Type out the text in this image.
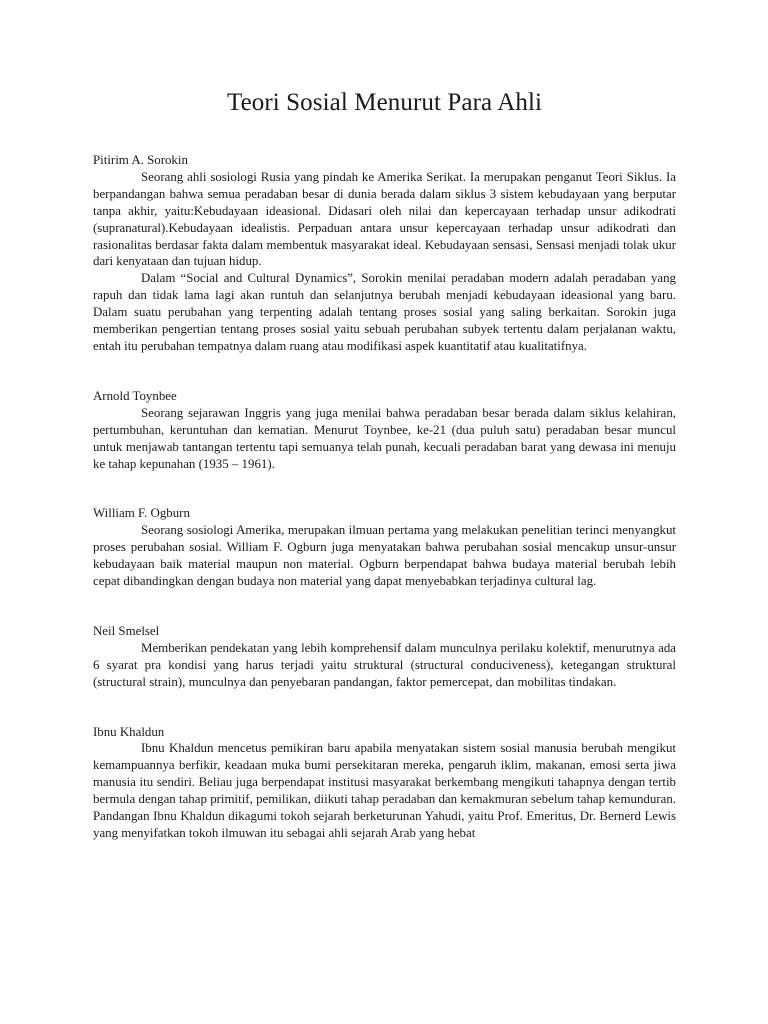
Teori Sosial Menurut Para Ahli

Pitirim A. Sorokin

Seorang ahli sosiologi Rusia yang pindah ke Amerika Serikat. Ia merupakan penganut Teori Siklus. Ia berpandangan bahwa semua peradaban besar di dunia berada dalam siklus 3 sistem kebudayaan yang berputar tanpa akhir, yaitu:Kebudayaan ideasional. Didasari oleh nilai dan kepercayaan terhadap unsur adikodrati (supranatural).Kebudayaan idealistis. Perpaduan antara unsur kepercayaan terhadap unsur adikodrati dan rasionalitas berdasar fakta dalam membentuk masyarakat ideal. Kebudayaan sensasi, Sensasi menjadi tolak ukur dari kenyataan dan tujuan hidup.

Dalam “Social and Cultural Dynamics”, Sorokin menilai peradaban modern adalah peradaban yang rapuh dan tidak lama lagi akan runtuh dan selanjutnya berubah menjadi kebudayaan ideasional yang baru. Dalam suatu perubahan yang terpenting adalah tentang proses sosial yang saling berkaitan. Sorokin juga memberikan pengertian tentang proses sosial yaitu sebuah perubahan subyek tertentu dalam perjalanan waktu, entah itu perubahan tempatnya dalam ruang atau modifikasi aspek kuantitatif atau kualitatifnya.

Arnold Toynbee

Seorang sejarawan Inggris yang juga menilai bahwa peradaban besar berada dalam siklus kelahiran, pertumbuhan, keruntuhan dan kematian. Menurut Toynbee, ke-21 (dua puluh satu) peradaban besar muncul untuk menjawab tantangan tertentu tapi semuanya telah punah, kecuali peradaban barat yang dewasa ini menuju ke tahap kepunahan (1935 – 1961).

William F. Ogburn

Seorang sosiologi Amerika, merupakan ilmuan pertama yang melakukan penelitian terinci menyangkut proses perubahan sosial. William F. Ogburn juga menyatakan bahwa perubahan sosial mencakup unsur-unsur kebudayaan baik material maupun non material. Ogburn berpendapat bahwa budaya material berubah lebih cepat dibandingkan dengan budaya non material yang dapat menyebabkan terjadinya cultural lag.

Neil Smelsel

Memberikan pendekatan yang lebih komprehensif dalam munculnya perilaku kolektif, menurutnya ada 6 syarat pra kondisi yang harus terjadi yaitu struktural (structural conduciveness), ketegangan struktural (structural strain), munculnya dan penyebaran pandangan, faktor pemercepat, dan mobilitas tindakan.

Ibnu Khaldun

Ibnu Khaldun mencetus pemikiran baru apabila menyatakan sistem sosial manusia berubah mengikut kemampuannya berfikir, keadaan muka bumi persekitaran mereka, pengaruh iklim, makanan, emosi serta jiwa manusia itu sendiri. Beliau juga berpendapat institusi masyarakat berkembang mengikuti tahapnya dengan tertib bermula dengan tahap primitif, pemilikan, diikuti tahap peradaban dan kemakmuran sebelum tahap kemunduran. Pandangan Ibnu Khaldun dikagumi tokoh sejarah berketurunan Yahudi, yaitu Prof. Emeritus, Dr. Bernerd Lewis yang menyifatkan tokoh ilmuwan itu sebagai ahli sejarah Arab yang hebat
